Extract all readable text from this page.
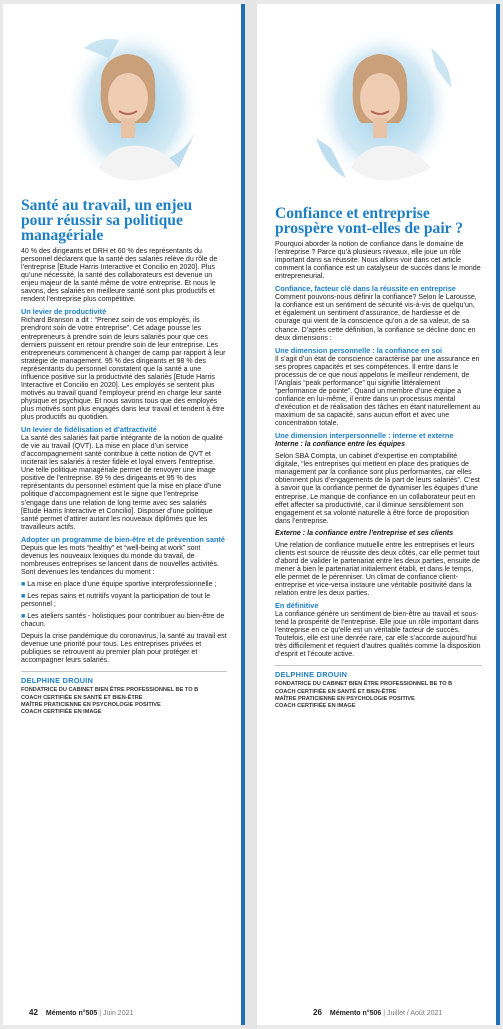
Santé au travail, un enjeu pour réussir sa politique managériale

40 % des dirigeants et DRH et 60 % des représentants du personnel déclarent que la santé des salariés relève du rôle de l’entreprise [Etude Harris Interactive et Concilio en 2020]. Plus qu’une nécessité, la santé des collaborateurs est devenue un enjeu majeur de la santé même de votre entreprise. Et nous le savons, des salariés en meilleure santé sont plus productifs et rendent l’entreprise plus compétitive.

Un levier de productivité

Richard Branson a dit : “Prenez soin de vos employés, ils prendront soin de votre entreprise”. Cet adage pousse les entrepreneurs à prendre soin de leurs salariés pour que ces derniers puissent en retour prendre soin de leur entreprise. Les entrepreneurs commencent à changer de camp par rapport à leur stratégie de management. 95 % des dirigeants et 98 % des représentants du personnel constatent que la santé a une influence positive sur la productivité des salariés [Etude Harris Interactive et Concilio en 2020]. Les employés se sentent plus motivés au travail quand l’employeur prend en charge leur santé physique et psychique. Et nous savons tous que des employés plus motivés sont plus engagés dans leur travail et tendent à être plus productifs au quotidien.

Un levier de fidélisation et d’attractivité

La santé des salariés fait partie intégrante de la notion de qualité de vie au travail (QVT). La mise en place d’un service d’accompagnement santé contribue à cette notion de QVT et inciterait les salariés à rester fidèle et loyal envers l’entreprise. Une telle politique managériale permet de renvoyer une image positive de l’entreprise. 89 % des dirigeants et 95 % des représentants du personnel estiment que la mise en place d’une politique d’accompagnement est le signe que l’entreprise s’engage dans une relation de long terme avec ses salariés [Etude Harris Interactive et Concilio]. Disposer d’une politique santé permet d’attirer autant les nouveaux diplômés que les travailleurs actifs.

Adopter un programme de bien-être et de prévention santé

Depuis que les mots “healthy” et “well-being at work” sont devenus les nouveaux lexiques du monde du travail, de nombreuses entreprises se lancent dans de nouvelles activités. Sont devenues les tendances du moment :

■ La mise en place d’une équipe sportive interprofessionnelle ;

■ Les repas sains et nutritifs voyant la participation de tout le personnel ;

■ Les ateliers santés - holistiques pour contribuer au bien-être de chacun.

Depuis la crise pandémique du coronavirus, la santé au travail est devenue une priorité pour tous. Les entreprises privées et publiques se retrouvent au premier plan pour protéger et accompagner leurs salariés.

DELPHINE DROUIN
FONDATRICE DU CABINET BIEN ÊTRE PROFESSIONNEL BE TO B
COACH CERTIFIÉE EN SANTÉ ET BIEN-ÊTRE
MAÎTRE PRATICIENNE EN PSYCHOLOGIE POSITIVE
COACH CERTIFIÉE EN IMAGE
42 Mémento n°505 | Juin 2021
Confiance et entreprise prospère vont-elles de pair ?

Pourquoi aborder la notion de confiance dans le domaine de l’entreprise ? Parce qu’à plusieurs niveaux, elle joue un rôle important dans sa réussite. Nous allons voir dans cet article comment la confiance est un catalyseur de succès dans le monde entrepreneurial.

Confiance, facteur clé dans la réussite en entreprise

Comment pouvons-nous définir la confiance? Selon le Larousse, la confiance est un sentiment de sécurité vis-à-vis de quelqu’un, et également un sentiment d’assurance, de hardiesse et de courage qui vient de la conscience qu’on a de sa valeur, de sa chance. D’après cette définition, la confiance se décline donc en deux dimensions :

Une dimension personnelle : la confiance en soi

Il s’agit d’un état de conscience caractérisé par une assurance en ses propres capacités et ses compétences. Il entre dans le processus de ce que nous appelons le meilleur rendement, de l’Anglais “peak performance” qui signifie littéralement “performance de pointe”. Quand un membre d’une équipe a confiance en lui-même, il entre dans un processus mental d’exécution et de réalisation des tâches en étant naturellement au maximum de sa capacité, sans aucun effort et avec une concentration totale.

Une dimension interpersonnelle : interne et externe

Interne : la confiance entre les équipes

Selon SBA Compta, un cabinet d’expertise en comptabilité digitale, “les entreprises qui mettent en place des pratiques de management par la confiance sont plus performantes, car elles obtiennent plus d’engagements de la part de leurs salariés”. C’est à savoir que la confiance permet de dynamiser les équipes d’une entreprise. Le manque de confiance en un collaborateur peut en effet affecter sa productivité, car il diminue sensiblement son engagement et sa volonté naturelle à être force de proposition dans l’entreprise.

Externe : la confiance entre l’entreprise et ses clients

Une relation de confiance mutuelle entre les entreprises et leurs clients est source de réussite des deux côtés, car elle permet tout d’abord de valider le partenariat entre les deux parties, ensuite de mener à bien le partenariat initialement établi, et dans le temps, elle permet de le pérenniser. Un climat de confiance client-entreprise et vice-versa instaure une véritable positivité dans la relation entre les deux parties.

En définitive

La confiance génère un sentiment de bien-être au travail et sous-tend la prospérité de l’entreprise. Elle joue un rôle important dans l’entreprise en ce qu’elle est un véritable facteur de succès. Toutefois, elle est une denrée rare, car elle s’accorde aujourd’hui très difficilement et requiert d’autres qualités comme la disposition d’esprit et l’écoute active.

DELPHINE DROUIN
FONDATRICE DU CABINET BIEN ÊTRE PROFESSIONNEL BE TO B
COACH CERTIFIÉE EN SANTÉ ET BIEN-ÊTRE
MAÎTRE PRATICIENNE EN PSYCHOLOGIE POSITIVE
COACH CERTIFIÉE EN IMAGE
26 Mémento n°506 | Juillet / Août 2021
